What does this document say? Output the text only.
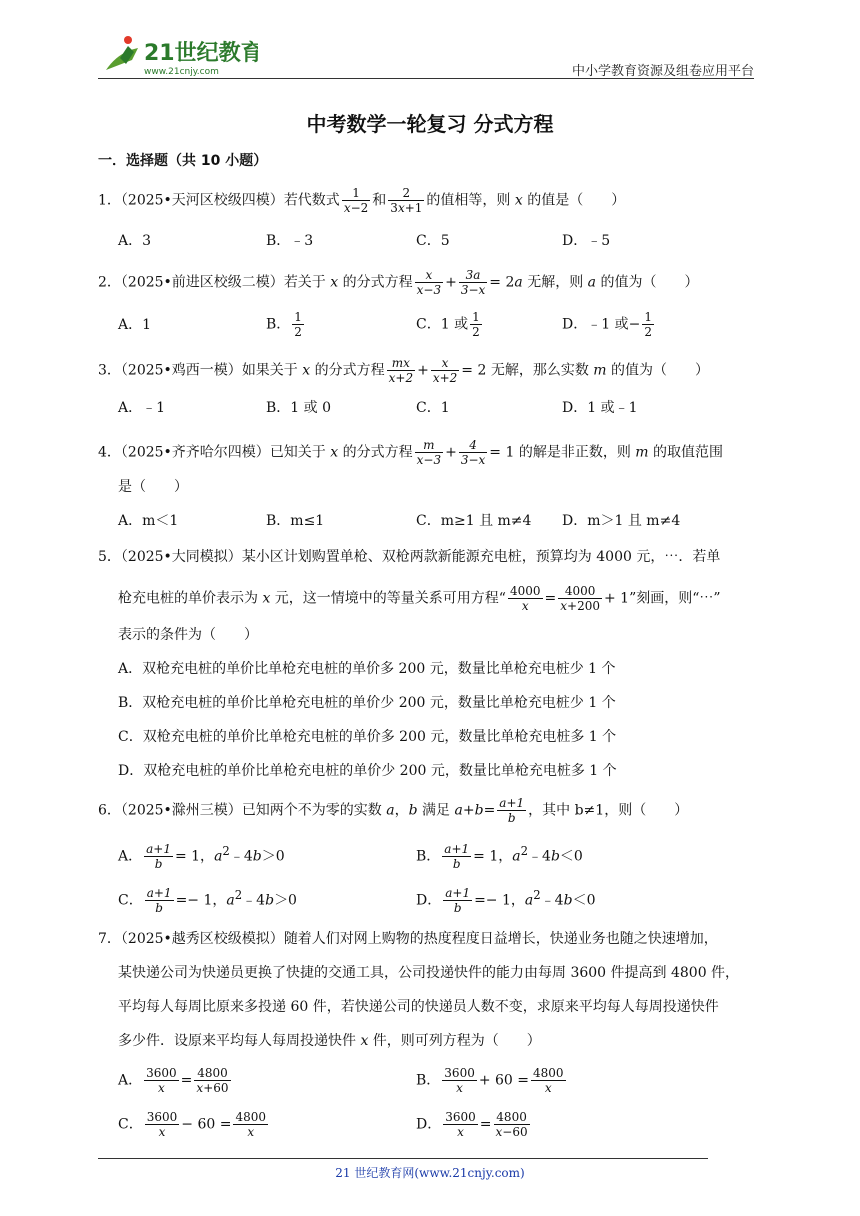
21世纪教育
www.21cnjy.com	中小学教育资源及组卷应用平台
中考数学一轮复习 分式方程
一．选择题（共 10 小题）
1．（2025•天河区校级四模）若代数式 $\frac{1}{x-2}$ 和 $\frac{2}{3x+1}$ 的值相等，则 x 的值是（　　）
A．3	B．﹣3	C．5	D．﹣5
2．（2025•前进区校级二模）若关于 x 的分式方程 $\frac{x}{x-3} + \frac{3a}{3-x} = 2a$ 无解，则 a 的值为（　　）
A．1	B． $\frac{1}{2}$	C．1 或 $\frac{1}{2}$	D．﹣1 或− $\frac{1}{2}$
3．（2025•鸡西一模）如果关于 x 的分式方程 $\frac{mx}{x+2} + \frac{x}{x+2} = 2$ 无解，那么实数 m 的值为（　　）
A．﹣1	B．1 或 0	C．1	D．1 或﹣1
4．（2025•齐齐哈尔四模）已知关于 x 的分式方程 $\frac{m}{x-3} + \frac{4}{3-x} = 1$ 的解是非正数，则 m 的取值范围
是（　　）
A．m＜1	B．m≤1	C．m≥1 且 m≠4 D．m＞1 且 m≠4
5．（2025•大同模拟）某小区计划购置单枪、双枪两款新能源充电桩，预算均为 4000 元，⋯．若单
枪充电桩的单价表示为 x 元，这一情境中的等量关系可用方程“ $\frac{4000}{x} = \frac{4000}{x+200} + 1$”刻画，则“⋯”
表示的条件为（　　）
A．双枪充电桩的单价比单枪充电桩的单价多 200 元，数量比单枪充电桩少 1 个
B．双枪充电桩的单价比单枪充电桩的单价少 200 元，数量比单枪充电桩少 1 个
C．双枪充电桩的单价比单枪充电桩的单价多 200 元，数量比单枪充电桩多 1 个
D．双枪充电桩的单价比单枪充电桩的单价少 200 元，数量比单枪充电桩多 1 个
6．（2025•滁州三模）已知两个不为零的实数 a，b 满足 $a+b= \frac{a+1}{b}$ ，其中 b≠1，则（　　）
A． $\frac{a+1}{b} = 1$，$a^2﹣4b>0$	B． $\frac{a+1}{b} = 1$，$a^2﹣4b<0$
C． $\frac{a+1}{b} =- 1$，$a^2﹣4b>0$	D． $\frac{a+1}{b} =- 1$，$a^2﹣4b<0$
7．（2025•越秀区校级模拟）随着人们对网上购物的热度程度日益增长，快递业务也随之快速增加，
某快递公司为快递员更换了快捷的交通工具，公司投递快件的能力由每周 3600 件提高到 4800 件，
平均每人每周比原来多投递 60 件，若快递公司的快递员人数不变，求原来平均每人每周投递快件
多少件．设原来平均每人每周投递快件 x 件，则可列方程为（　　）
A． $\frac{3600}{x} = \frac{4800}{x+60}$	B． $\frac{3600}{x} + 60 = \frac{4800}{x}$
C． $\frac{3600}{x} - 60 = \frac{4800}{x}$	D． $\frac{3600}{x} = \frac{4800}{x-60}$
21 世纪教育网(www.21cnjy.com)
